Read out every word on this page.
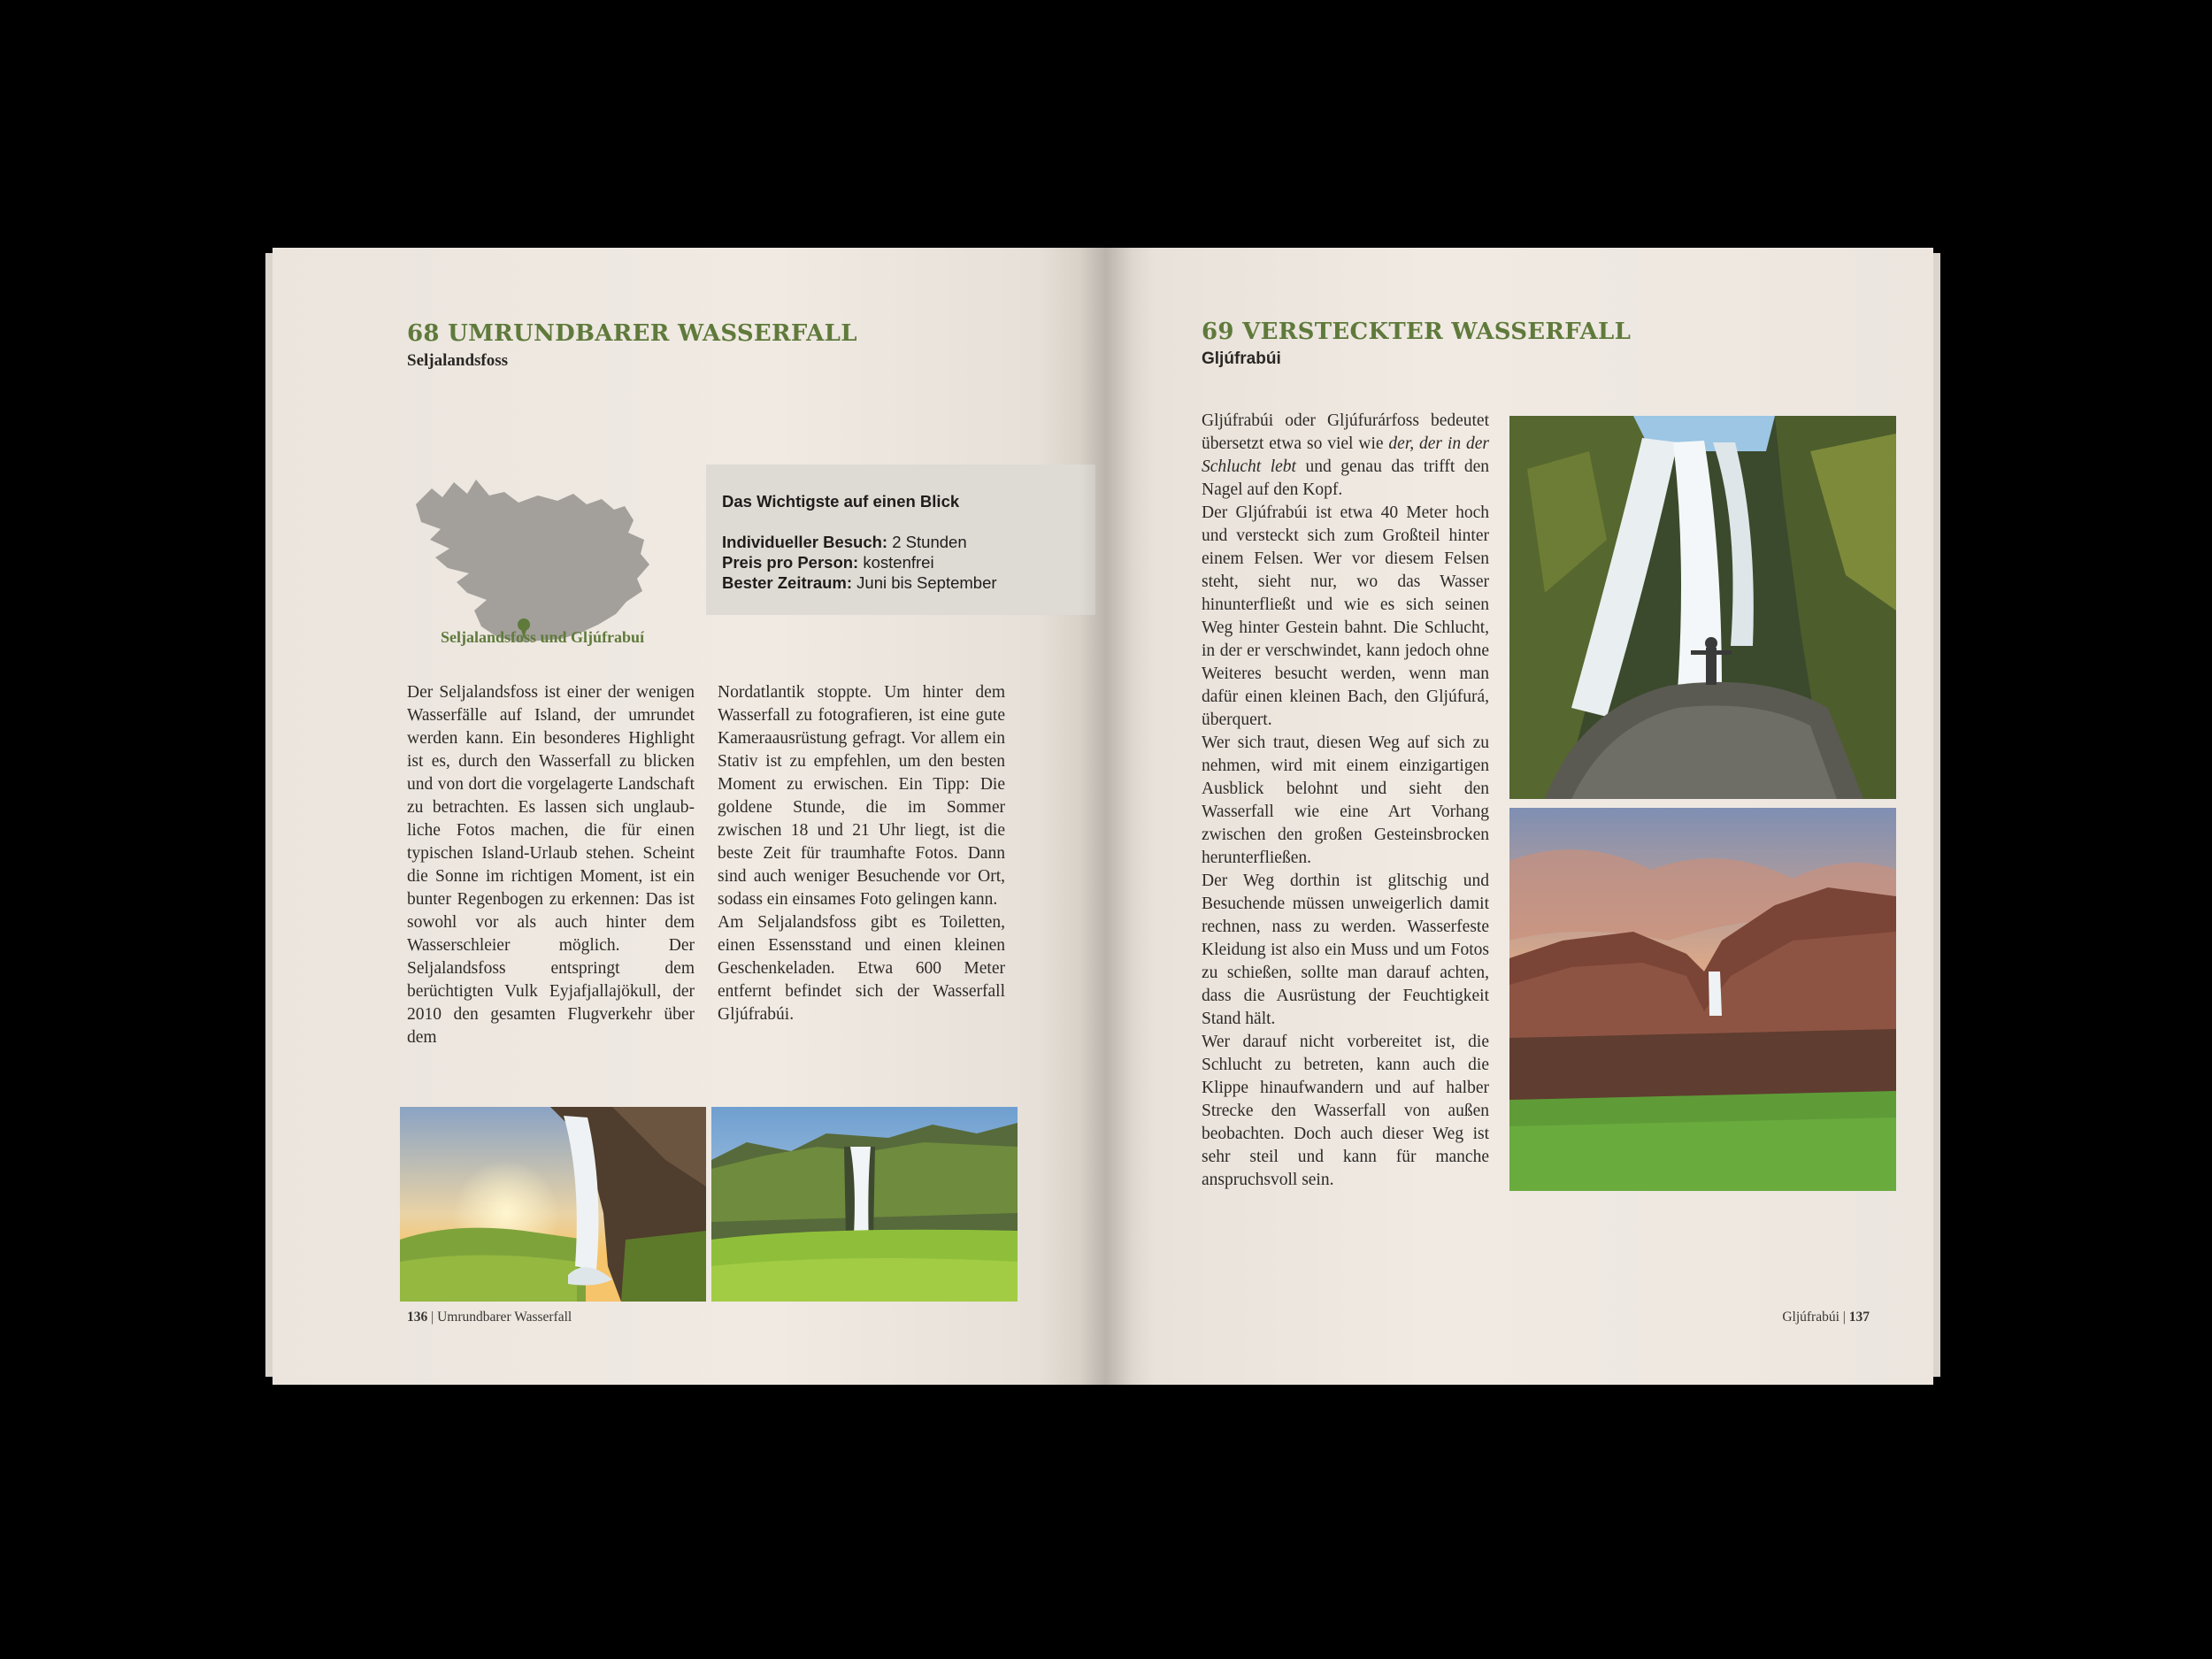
68 UMRUNDBARER WASSERFALL
Seljalandsfoss
Seljalandsfoss und Gljúfrabuí
Das Wichtigste auf einen Blick
Individueller Besuch: 2 Stunden
Preis pro Person: kostenfrei
Bester Zeitraum: Juni bis September

Der Seljalandsfoss ist einer der wenigen Wasserfälle auf Island, der umrundet werden kann. Ein besonderes Highlight ist es, durch den Wasserfall zu blicken und von dort die vorgelagerte Landschaft zu betrachten. Es lassen sich unglaubliche Fotos machen, die für einen typischen Island-Urlaub stehen. Scheint die Sonne im richtigen Moment, ist ein bunter Regenbogen zu erkennen: Das ist sowohl vor als auch hinter dem Wasserschleier möglich. Der Seljalandsfoss entspringt dem berüchtigten Vulk Eyjafjallajökull, der 2010 den gesamten Flugverkehr über dem

Nordatlantik stoppte. Um hinter dem Wasserfall zu fotografieren, ist eine gute Kameraausrüstung gefragt. Vor allem ein Stativ ist zu empfehlen, um den besten Moment zu erwischen. Ein Tipp: Die goldene Stunde, die im Sommer zwischen 18 und 21 Uhr liegt, ist die beste Zeit für traumhafte Fotos. Dann sind auch weniger Besuchende vor Ort, sodass ein einsames Foto gelingen kann.

Am Seljalandsfoss gibt es Toiletten, einen Essensstand und einen kleinen Geschenkeladen. Etwa 600 Meter entfernt befindet sich der Wasserfall Gljúfrabúi.

136 | Umrundbarer Wasserfall
69 VERSTECKTER WASSERFALL
Gljúfrabúi

Gljúfrabúi oder Gljúfurárfoss bedeutet übersetzt etwa so viel wie der, der in der Schlucht lebt und genau das trifft den Nagel auf den Kopf.

Der Gljúfrabúi ist etwa 40 Meter hoch und versteckt sich zum Großteil hinter einem Felsen. Wer vor diesem Felsen steht, sieht nur, wo das Wasser hinunterfließt und wie es sich seinen Weg hinter Gestein bahnt. Die Schlucht, in der er verschwindet, kann jedoch ohne Weiteres besucht werden, wenn man dafür einen kleinen Bach, den Gljúfurá, überquert.

Wer sich traut, diesen Weg auf sich zu nehmen, wird mit einem einzigartigen Ausblick belohnt und sieht den Wasserfall wie eine Art Vorhang zwischen den großen Gesteinsbrocken herunterfließen.

Der Weg dorthin ist glitschig und Besuchende müssen unweigerlich damit rechnen, nass zu werden. Wasserfeste Kleidung ist also ein Muss und um Fotos zu schießen, sollte man darauf achten, dass die Ausrüstung der Feuchtigkeit Stand hält.

Wer darauf nicht vorbereitet ist, die Schlucht zu betreten, kann auch die Klippe hinaufwandern und auf halber Strecke den Wasserfall von außen beobachten. Doch auch dieser Weg ist sehr steil und kann für manche anspruchsvoll sein.

Gljúfrabúi | 137
